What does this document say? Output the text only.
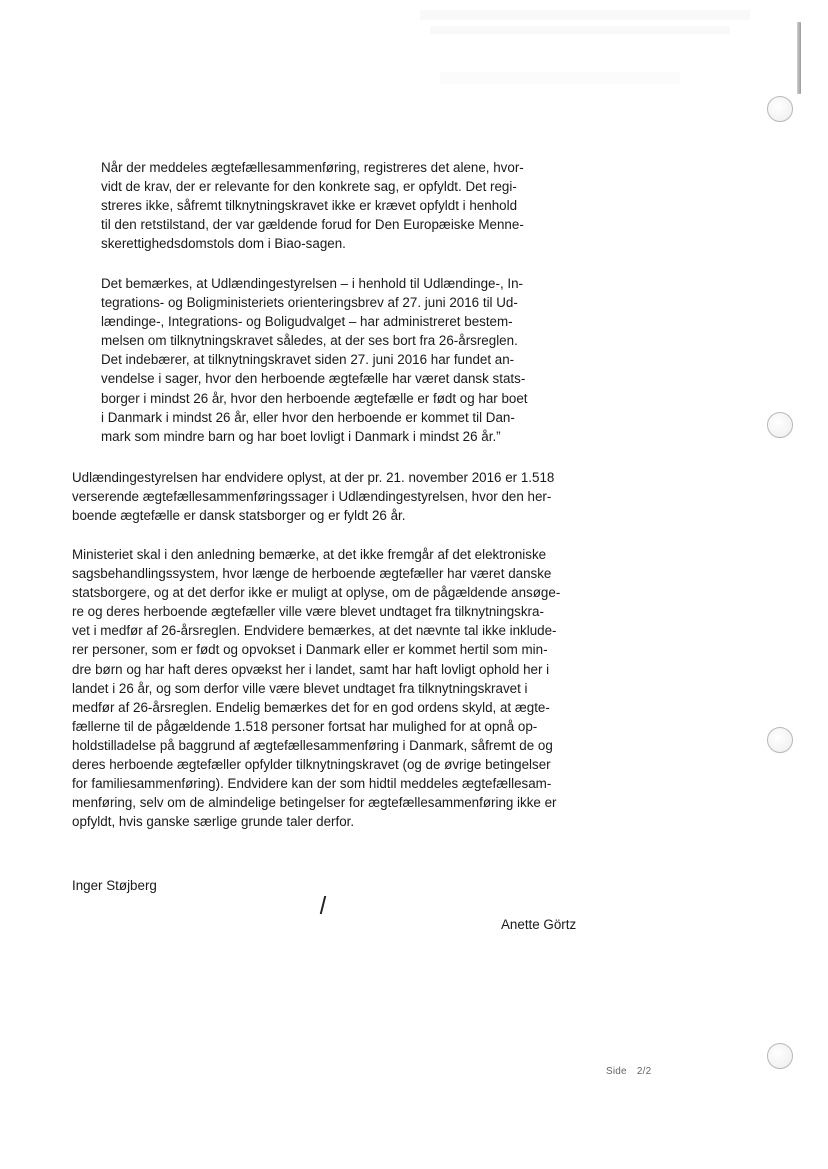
Når der meddeles ægtefællesammenføring, registreres det alene, hvor-
vidt de krav, der er relevante for den konkrete sag, er opfyldt. Det regi-
streres ikke, såfremt tilknytningskravet ikke er krævet opfyldt i henhold
til den retstilstand, der var gældende forud for Den Europæiske Menne-
skerettighedsdomstols dom i Biao-sagen.

Det bemærkes, at Udlændingestyrelsen – i henhold til Udlændinge-, In-
tegrations- og Boligministeriets orienteringsbrev af 27. juni 2016 til Ud-
lændinge-, Integrations- og Boligudvalget – har administreret bestem-
melsen om tilknytningskravet således, at der ses bort fra 26-årsreglen.
Det indebærer, at tilknytningskravet siden 27. juni 2016 har fundet an-
vendelse i sager, hvor den herboende ægtefælle har været dansk stats-
borger i mindst 26 år, hvor den herboende ægtefælle er født og har boet
i Danmark i mindst 26 år, eller hvor den herboende er kommet til Dan-
mark som mindre barn og har boet lovligt i Danmark i mindst 26 år.”

Udlændingestyrelsen har endvidere oplyst, at der pr. 21. november 2016 er 1.518
verserende ægtefællesammenføringssager i Udlændingestyrelsen, hvor den her-
boende ægtefælle er dansk statsborger og er fyldt 26 år.

Ministeriet skal i den anledning bemærke, at det ikke fremgår af det elektroniske
sagsbehandlingssystem, hvor længe de herboende ægtefæller har været danske
statsborgere, og at det derfor ikke er muligt at oplyse, om de pågældende ansøge-
re og deres herboende ægtefæller ville være blevet undtaget fra tilknytningskra-
vet i medfør af 26-årsreglen. Endvidere bemærkes, at det nævnte tal ikke inklude-
rer personer, som er født og opvokset i Danmark eller er kommet hertil som min-
dre børn og har haft deres opvækst her i landet, samt har haft lovligt ophold her i
landet i 26 år, og som derfor ville være blevet undtaget fra tilknytningskravet i
medfør af 26-årsreglen. Endelig bemærkes det for en god ordens skyld, at ægte-
fællerne til de pågældende 1.518 personer fortsat har mulighed for at opnå op-
holdstilladelse på baggrund af ægtefællesammenføring i Danmark, såfremt de og
deres herboende ægtefæller opfylder tilknytningskravet (og de øvrige betingelser
for familiesammenføring). Endvidere kan der som hidtil meddeles ægtefællesam-
menføring, selv om de almindelige betingelser for ægtefællesammenføring ikke er
opfyldt, hvis ganske særlige grunde taler derfor.

Inger Støjberg
Anette Görtz
Side 2/2
